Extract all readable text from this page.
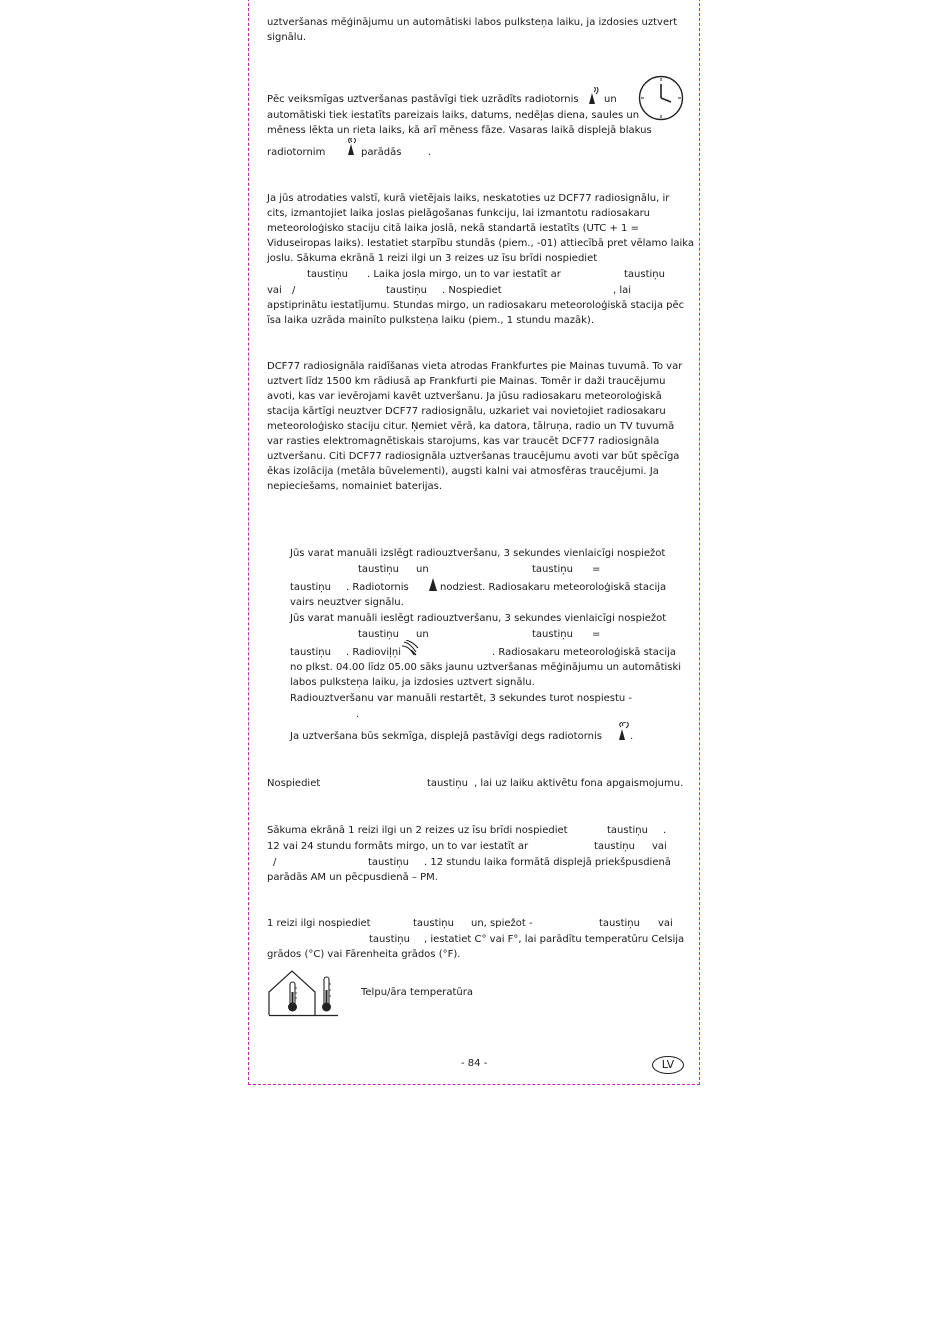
uztveršanas mēģinājumu un automātiski labos pulksteņa laiku, ja izdosies uztvert
signālu.
Pēc veiksmīgas uztveršanas pastāvīgi tiek uzrādīts radiotornis	un
automātiski tiek iestatīts pareizais laiks, datums, nedēļas diena, saules un
mēness lēkta un rieta laiks, kā arī mēness fāze. Vasaras laikā displejā blakus
radiotornim	parādās	.
Ja jūs atrodaties valstī, kurā vietējais laiks, neskatoties uz DCF77 radiosignālu, ir
cits, izmantojiet laika joslas pielāgošanas funkciju, lai izmantotu radiosakaru
meteoroloģisko staciju citā laika joslā, nekā standartā iestatīts (UTC + 1 =
Viduseiropas laiks). Iestatiet starpību stundās (piem., -01) attiecībā pret vēlamo laika
joslu. Sākuma ekrānā 1 reizi ilgi un 3 reizes uz īsu brīdi nospiediet
taustiņu . Laika josla mirgo, un to var iestatīt ar	taustiņu
vai /	taustiņu . Nospiediet	, lai
apstiprinātu iestatījumu. Stundas mirgo, un radiosakaru meteoroloģiskā stacija pēc
īsa laika uzrāda mainīto pulksteņa laiku (piem., 1 stundu mazāk).
DCF77 radiosignāla raidīšanas vieta atrodas Frankfurtes pie Mainas tuvumā. To var
uztvert līdz 1500 km rādiusā ap Frankfurti pie Mainas. Tomēr ir daži traucējumu
avoti, kas var ievērojami kavēt uztveršanu. Ja jūsu radiosakaru meteoroloģiskā
stacija kārtīgi neuztver DCF77 radiosignālu, uzkariet vai novietojiet radiosakaru
meteoroloģisko staciju citur. Ņemiet vērā, ka datora, tālruņa, radio un TV tuvumā
var rasties elektromagnētiskais starojums, kas var traucēt DCF77 radiosignāla
uztveršanu. Citi DCF77 radiosignāla uztveršanas traucējumu avoti var būt spēcīga
ēkas izolācija (metāla būvelementi), augsti kalni vai atmosfēras traucējumi. Ja
nepieciešams, nomainiet baterijas.
Jūs varat manuāli izslēgt radiouztveršanu, 3 sekundes vienlaicīgi nospiežot
taustiņu un	taustiņu =
taustiņu . Radiotornis	nodziest. Radiosakaru meteoroloģiskā stacija
vairs neuztver signālu.
Jūs varat manuāli ieslēgt radiouztveršanu, 3 sekundes vienlaicīgi nospiežot
taustiņu un	taustiņu =
taustiņu . Radioviļņi	. Radiosakaru meteoroloģiskā stacija
no plkst. 04.00 līdz 05.00 sāks jaunu uztveršanas mēģinājumu un automātiski
labos pulksteņa laiku, ja izdosies uztvert signālu.
Radiouztveršanu var manuāli restartēt, 3 sekundes turot nospiestu -
.
Ja uztveršana būs sekmīga, displejā pastāvīgi degs radiotornis	.
Nospiediet	taustiņu , lai uz laiku aktivētu fona apgaismojumu.
Sākuma ekrānā 1 reizi ilgi un 2 reizes uz īsu brīdi nospiediet	taustiņu .
12 vai 24 stundu formāts mirgo, un to var iestatīt ar	taustiņu vai
/	taustiņu . 12 stundu laika formātā displejā priekšpusdienā
parādās AM un pēcpusdienā – PM.
1 reizi ilgi nospiediet	taustiņu un, spiežot -	taustiņu vai
taustiņu , iestatiet C° vai F°, lai parādītu temperatūru Celsija
grādos (°C) vai Fārenheita grādos (°F).
Telpu/āra temperatūra
- 84 -	LV
